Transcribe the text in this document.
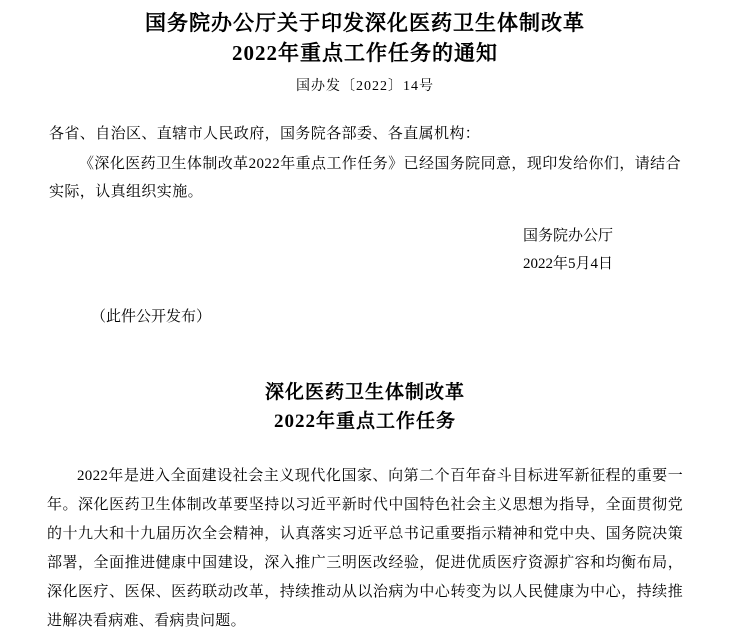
国务院办公厅关于印发深化医药卫生体制改革
2022年重点工作任务的通知
国办发〔2022〕14号

各省、自治区、直辖市人民政府，国务院各部委、各直属机构：

《深化医药卫生体制改革2022年重点工作任务》已经国务院同意，现印发给你们，请结合实际，认真组织实施。

国务院办公厅
2022年5月4日
（此件公开发布）
深化医药卫生体制改革
2022年重点工作任务
2022年是进入全面建设社会主义现代化国家、向第二个百年奋斗目标进军新征程的重要一年。深化医药卫生体制改革要坚持以习近平新时代中国特色社会主义思想为指导，全面贯彻党的十九大和十九届历次全会精神，认真落实习近平总书记重要指示精神和党中央、国务院决策部署，全面推进健康中国建设，深入推广三明医改经验，促进优质医疗资源扩容和均衡布局，深化医疗、医保、医药联动改革，持续推动从以治病为中心转变为以人民健康为中心，持续推进解决看病难、看病贵问题。
